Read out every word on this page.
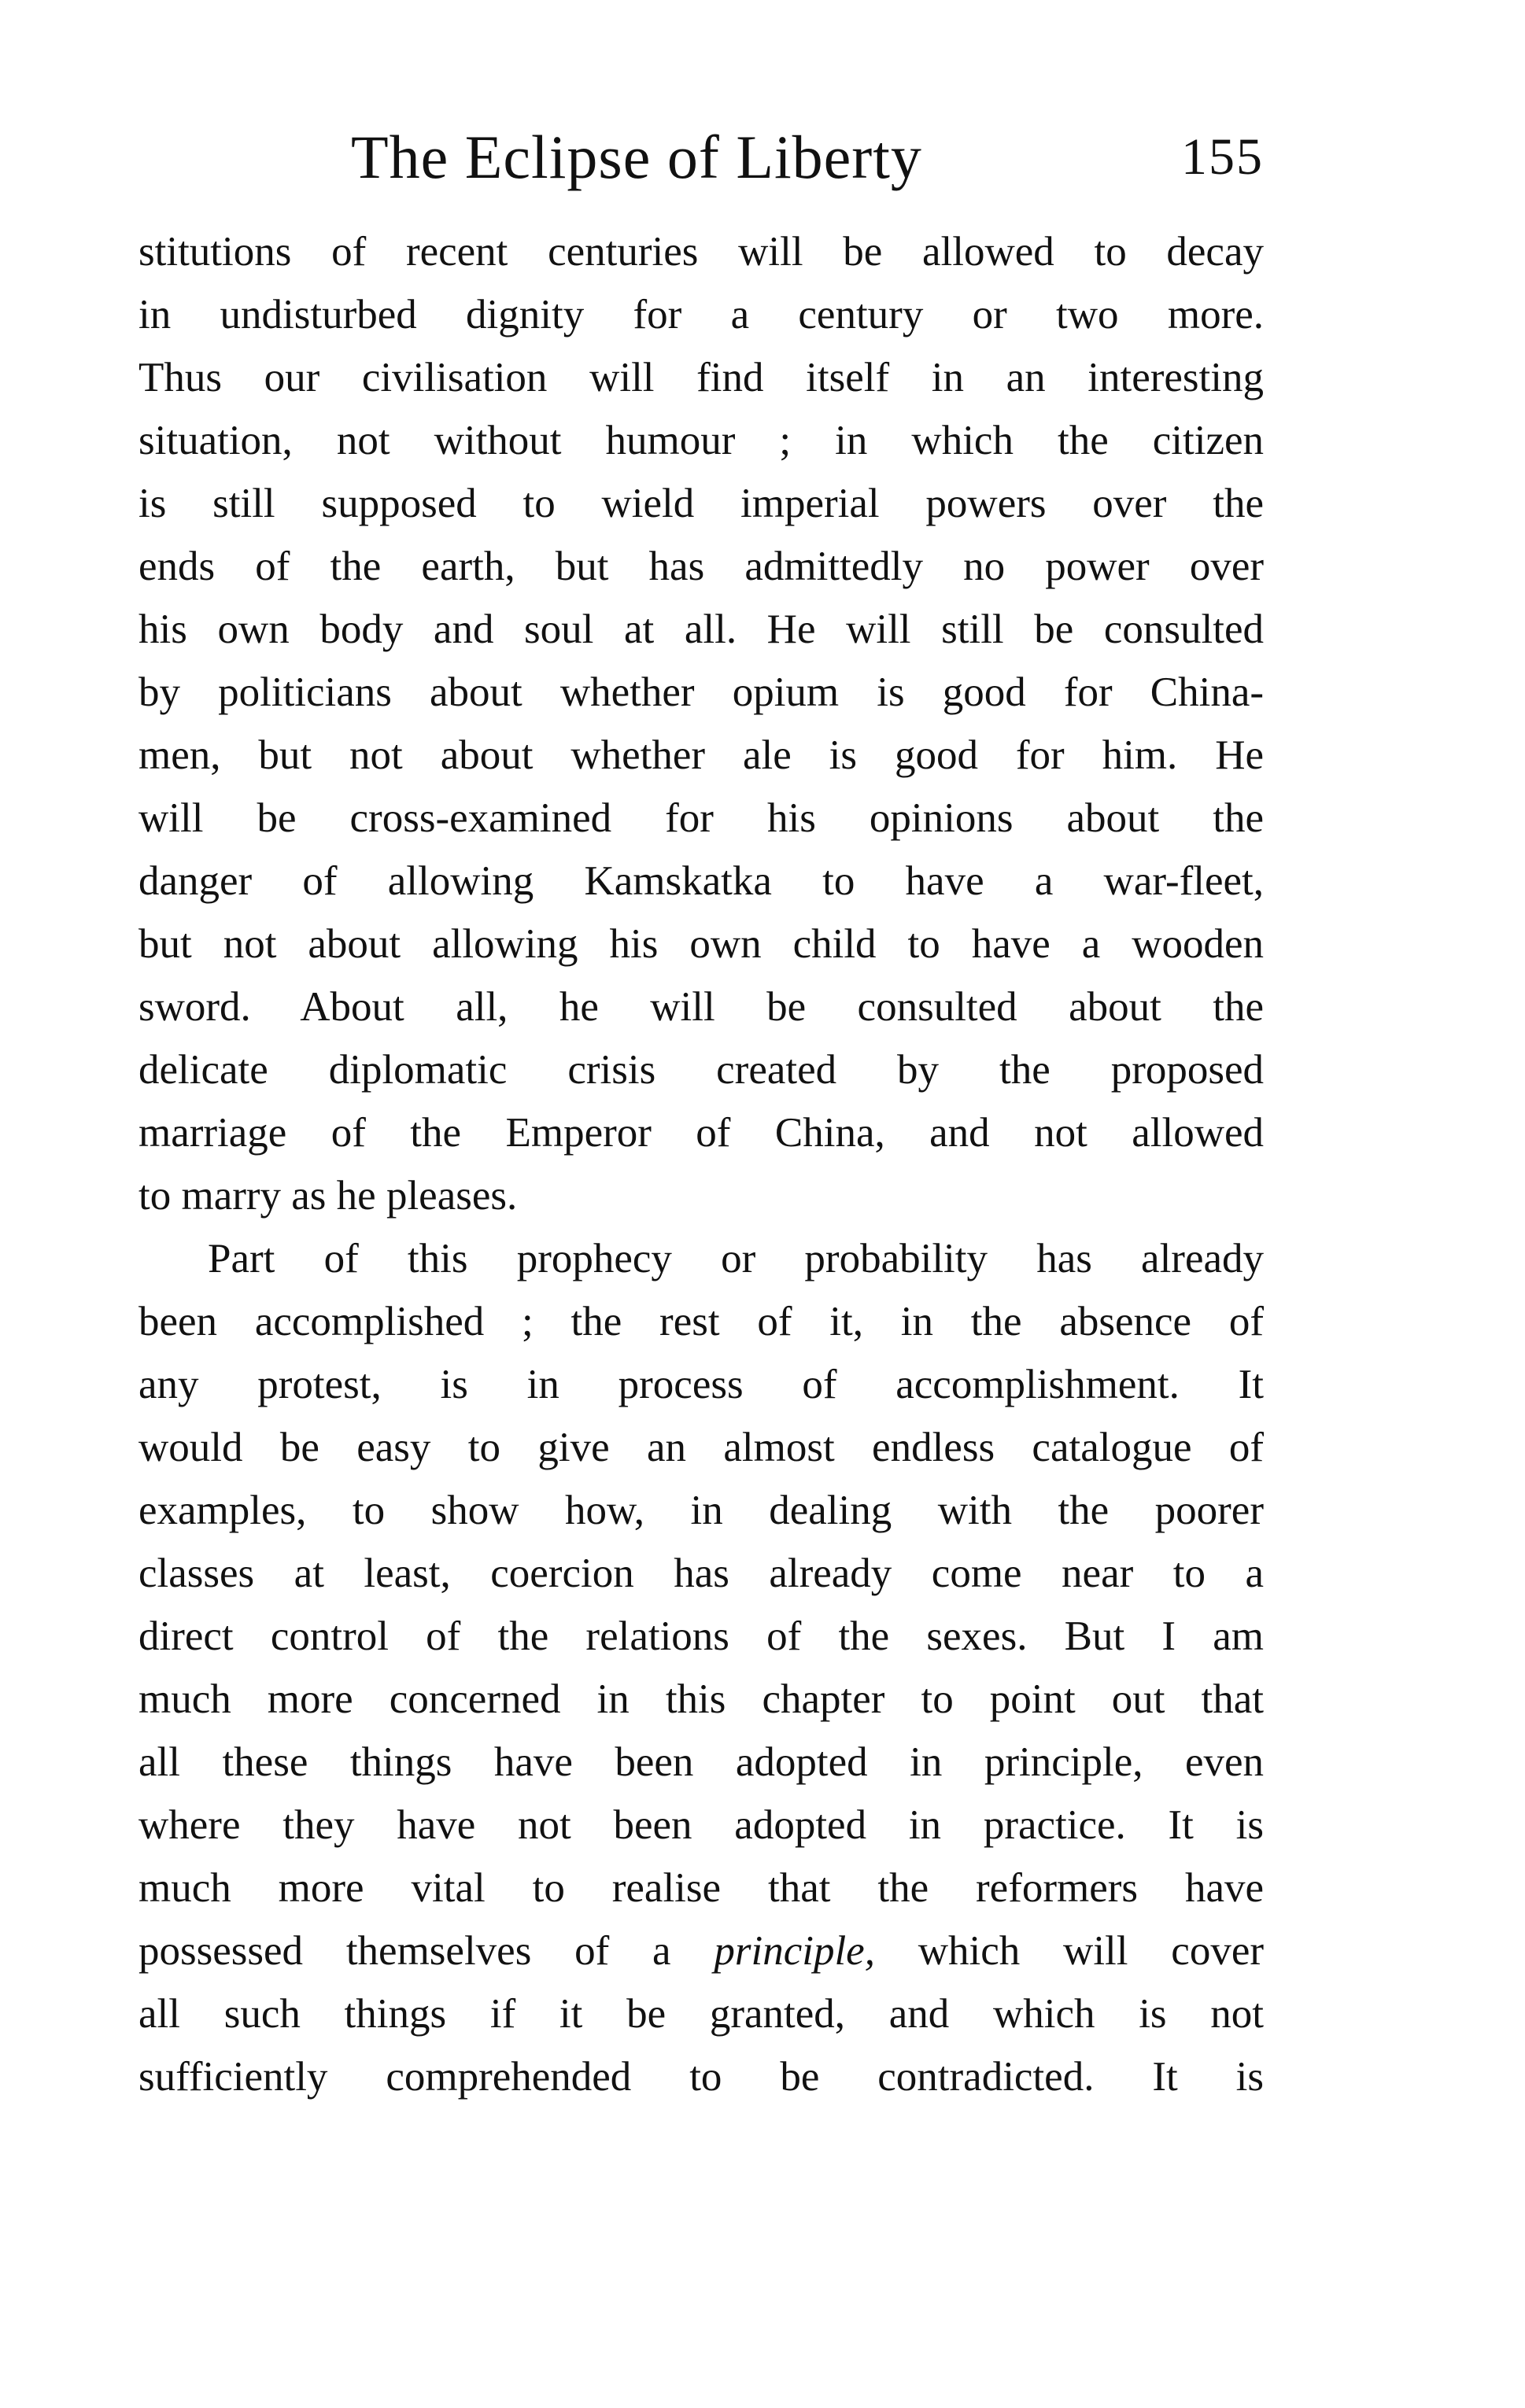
The Eclipse of Liberty	155
stitutions of recent centuries will be allowed to decay
in undisturbed dignity for a century or two more.
Thus our civilisation will find itself in an interesting
situation, not without humour ; in which the citizen
is still supposed to wield imperial powers over the
ends of the earth, but has admittedly no power over
his own body and soul at all. He will still be consulted
by politicians about whether opium is good for China-
men, but not about whether ale is good for him. He
will be cross-examined for his opinions about the
danger of allowing Kamskatka to have a war-fleet,
but not about allowing his own child to have a wooden
sword. About all, he will be consulted about the
delicate diplomatic crisis created by the proposed
marriage of the Emperor of China, and not allowed
to marry as he pleases.
Part of this prophecy or probability has already
been accomplished ; the rest of it, in the absence of
any protest, is in process of accomplishment. It
would be easy to give an almost endless catalogue of
examples, to show how, in dealing with the poorer
classes at least, coercion has already come near to a
direct control of the relations of the sexes. But I am
much more concerned in this chapter to point out that
all these things have been adopted in principle, even
where they have not been adopted in practice. It is
much more vital to realise that the reformers have
possessed themselves of a principle, which will cover
all such things if it be granted, and which is not
sufficiently comprehended to be contradicted. It is
